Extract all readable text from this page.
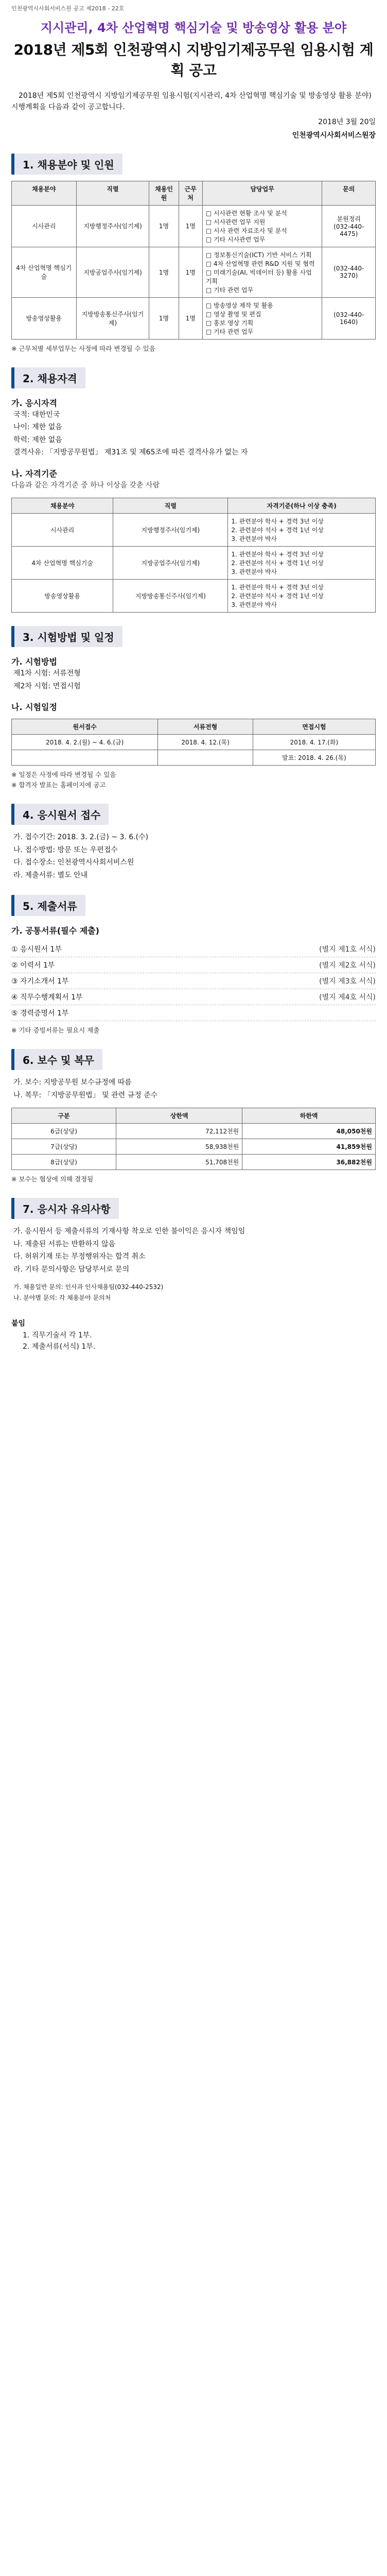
인천광역시사회서비스원 공고 제2018 - 22호
지시관리, 4차 산업혁명 핵심기술 및 방송영상 활용 분야
2018년 제5회 인천광역시 지방임기제공무원 임용시험 계획 공고
2018년 제5회 인천광역시 지방임기제공무원 임용시험(지시관리, 4차 산업혁명 핵심기술 및 방송영상 활용 분야) 시행계획을 다음과 같이 공고합니다.
2018년 3월 20일
인천광역시사회서비스원장
1. 채용분야 및 인원
채용분야	직렬	채용인원	근무처	담당업무	문의
시사관리	지방행정주사(임기제)	1명	1명	□ 시사관련 현황 조사 및 분석
□ 시사관련 업무 지원
□ 시사 관련 자료조사 및 분석
□ 기타 시사관련 업무	분원정리
(032-440-4475)
4차 산업혁명 핵심기술	지방공업주사(임기제)	1명	1명	□ 정보통신기술(ICT) 기반 서비스 기획
□ 4차 산업혁명 관련 R&D 지원 및 협력
□ 미래기술(AI, 빅데이터 등) 활용 사업 기획
□ 기타 관련 업무	(032-440-3270)
방송영상활용	지방방송통신주사(임기제)	1명	1명	□ 방송영상 제작 및 활용
□ 영상 촬영 및 편집
□ 홍보 영상 기획
□ 기타 관련 업무	(032-440-1640)
※ 근무처별 세부업무는 사정에 따라 변경될 수 있음
2. 채용자격
가. 응시자격
국적: 대한민국
나이: 제한 없음
학력: 제한 없음
결격사유: 「지방공무원법」 제31조 및 제65조에 따른 결격사유가 없는 자
나. 자격기준
다음과 같은 자격기준 중 하나 이상을 갖춘 사람
채용분야	직렬	자격기준(하나 이상 충족)
시사관리	지방행정주사(임기제)	1. 관련분야 학사 + 경력 3년 이상
2. 관련분야 석사 + 경력 1년 이상
3. 관련분야 박사
4차 산업혁명 핵심기술	지방공업주사(임기제)	1. 관련분야 학사 + 경력 3년 이상
2. 관련분야 석사 + 경력 1년 이상
3. 관련분야 박사
방송영상활용	지방방송통신주사(임기제)	1. 관련분야 학사 + 경력 3년 이상
2. 관련분야 석사 + 경력 1년 이상
3. 관련분야 박사
3. 시험방법 및 일정
가. 시험방법
제1차 시험: 서류전형
제2차 시험: 면접시험
나. 시험일정
원서접수	서류전형	면접시험
2018. 4. 2.(월) ~ 4. 6.(금)	2018. 4. 12.(목)	2018. 4. 17.(화)
		발표: 2018. 4. 26.(목)
※ 일정은 사정에 따라 변경될 수 있음
※ 합격자 발표는 홈페이지에 공고
4. 응시원서 접수
가. 접수기간: 2018. 3. 2.(금) ~ 3. 6.(수)
나. 접수방법: 방문 또는 우편접수
다. 접수장소: 인천광역시사회서비스원
라. 제출서류: 별도 안내
5. 제출서류
가. 공통서류(필수 제출)
① 응시원서 1부	(별지 제1호 서식)
② 이력서 1부	(별지 제2호 서식)
③ 자기소개서 1부	(별지 제3호 서식)
④ 직무수행계획서 1부	(별지 제4호 서식)
⑤ 경력증명서 1부
※ 기타 증빙서류는 필요시 제출
6. 보수 및 복무
가. 보수: 지방공무원 보수규정에 따름
나. 복무: 「지방공무원법」 및 관련 규정 준수
구분	상한액	하한액
6급(상당)	72,112천원	48,050천원
7급(상당)	58,938천원	41,859천원
8급(상당)	51,708천원	36,882천원
※ 보수는 협상에 의해 결정됨
7. 응시자 유의사항
가. 응시원서 등 제출서류의 기재사항 착오로 인한 불이익은 응시자 책임임
나. 제출된 서류는 반환하지 않음
다. 허위기재 또는 부정행위자는 합격 취소
라. 기타 문의사항은 담당부서로 문의
가. 채용일반 문의: 인사과 인사채용팀(032-440-2532)
나. 분야별 문의: 각 채용분야 문의처
붙임
1. 직무기술서 각 1부.
2. 제출서류(서식) 1부.
